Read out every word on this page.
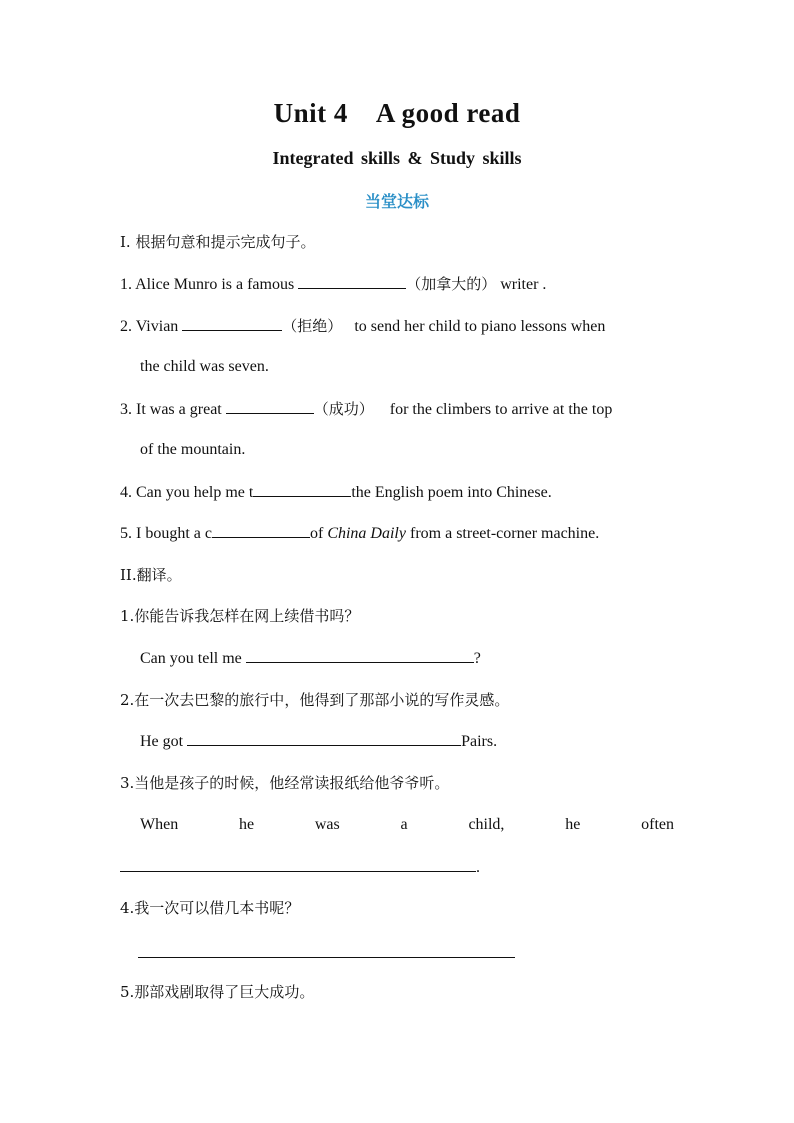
Unit 4 A good read
Integrated skills & Study skills
当堂达标
I. 根据句意和提示完成句子。
1. Alice Munro is a famous	（加拿大的） writer .
2. Vivian	（拒绝）   to send her child to piano lessons when
the child was seven.
3. It was a great	（成功）    for the climbers to arrive at the top
of the mountain.
4. Can you help me t	the English poem into Chinese.
5. I bought a c	of China Daily from a street-corner machine.
II.翻译。
1.你能告诉我怎样在网上续借书吗？
Can you tell me	?
2.在一次去巴黎的旅行中，他得到了那部小说的写作灵感。
He got	Pairs.
3.当他是孩子的时候，他经常读报纸给他爷爷听。
When	he	was	a	child,	he	often
.
4.我一次可以借几本书呢？
5.那部戏剧取得了巨大成功。
